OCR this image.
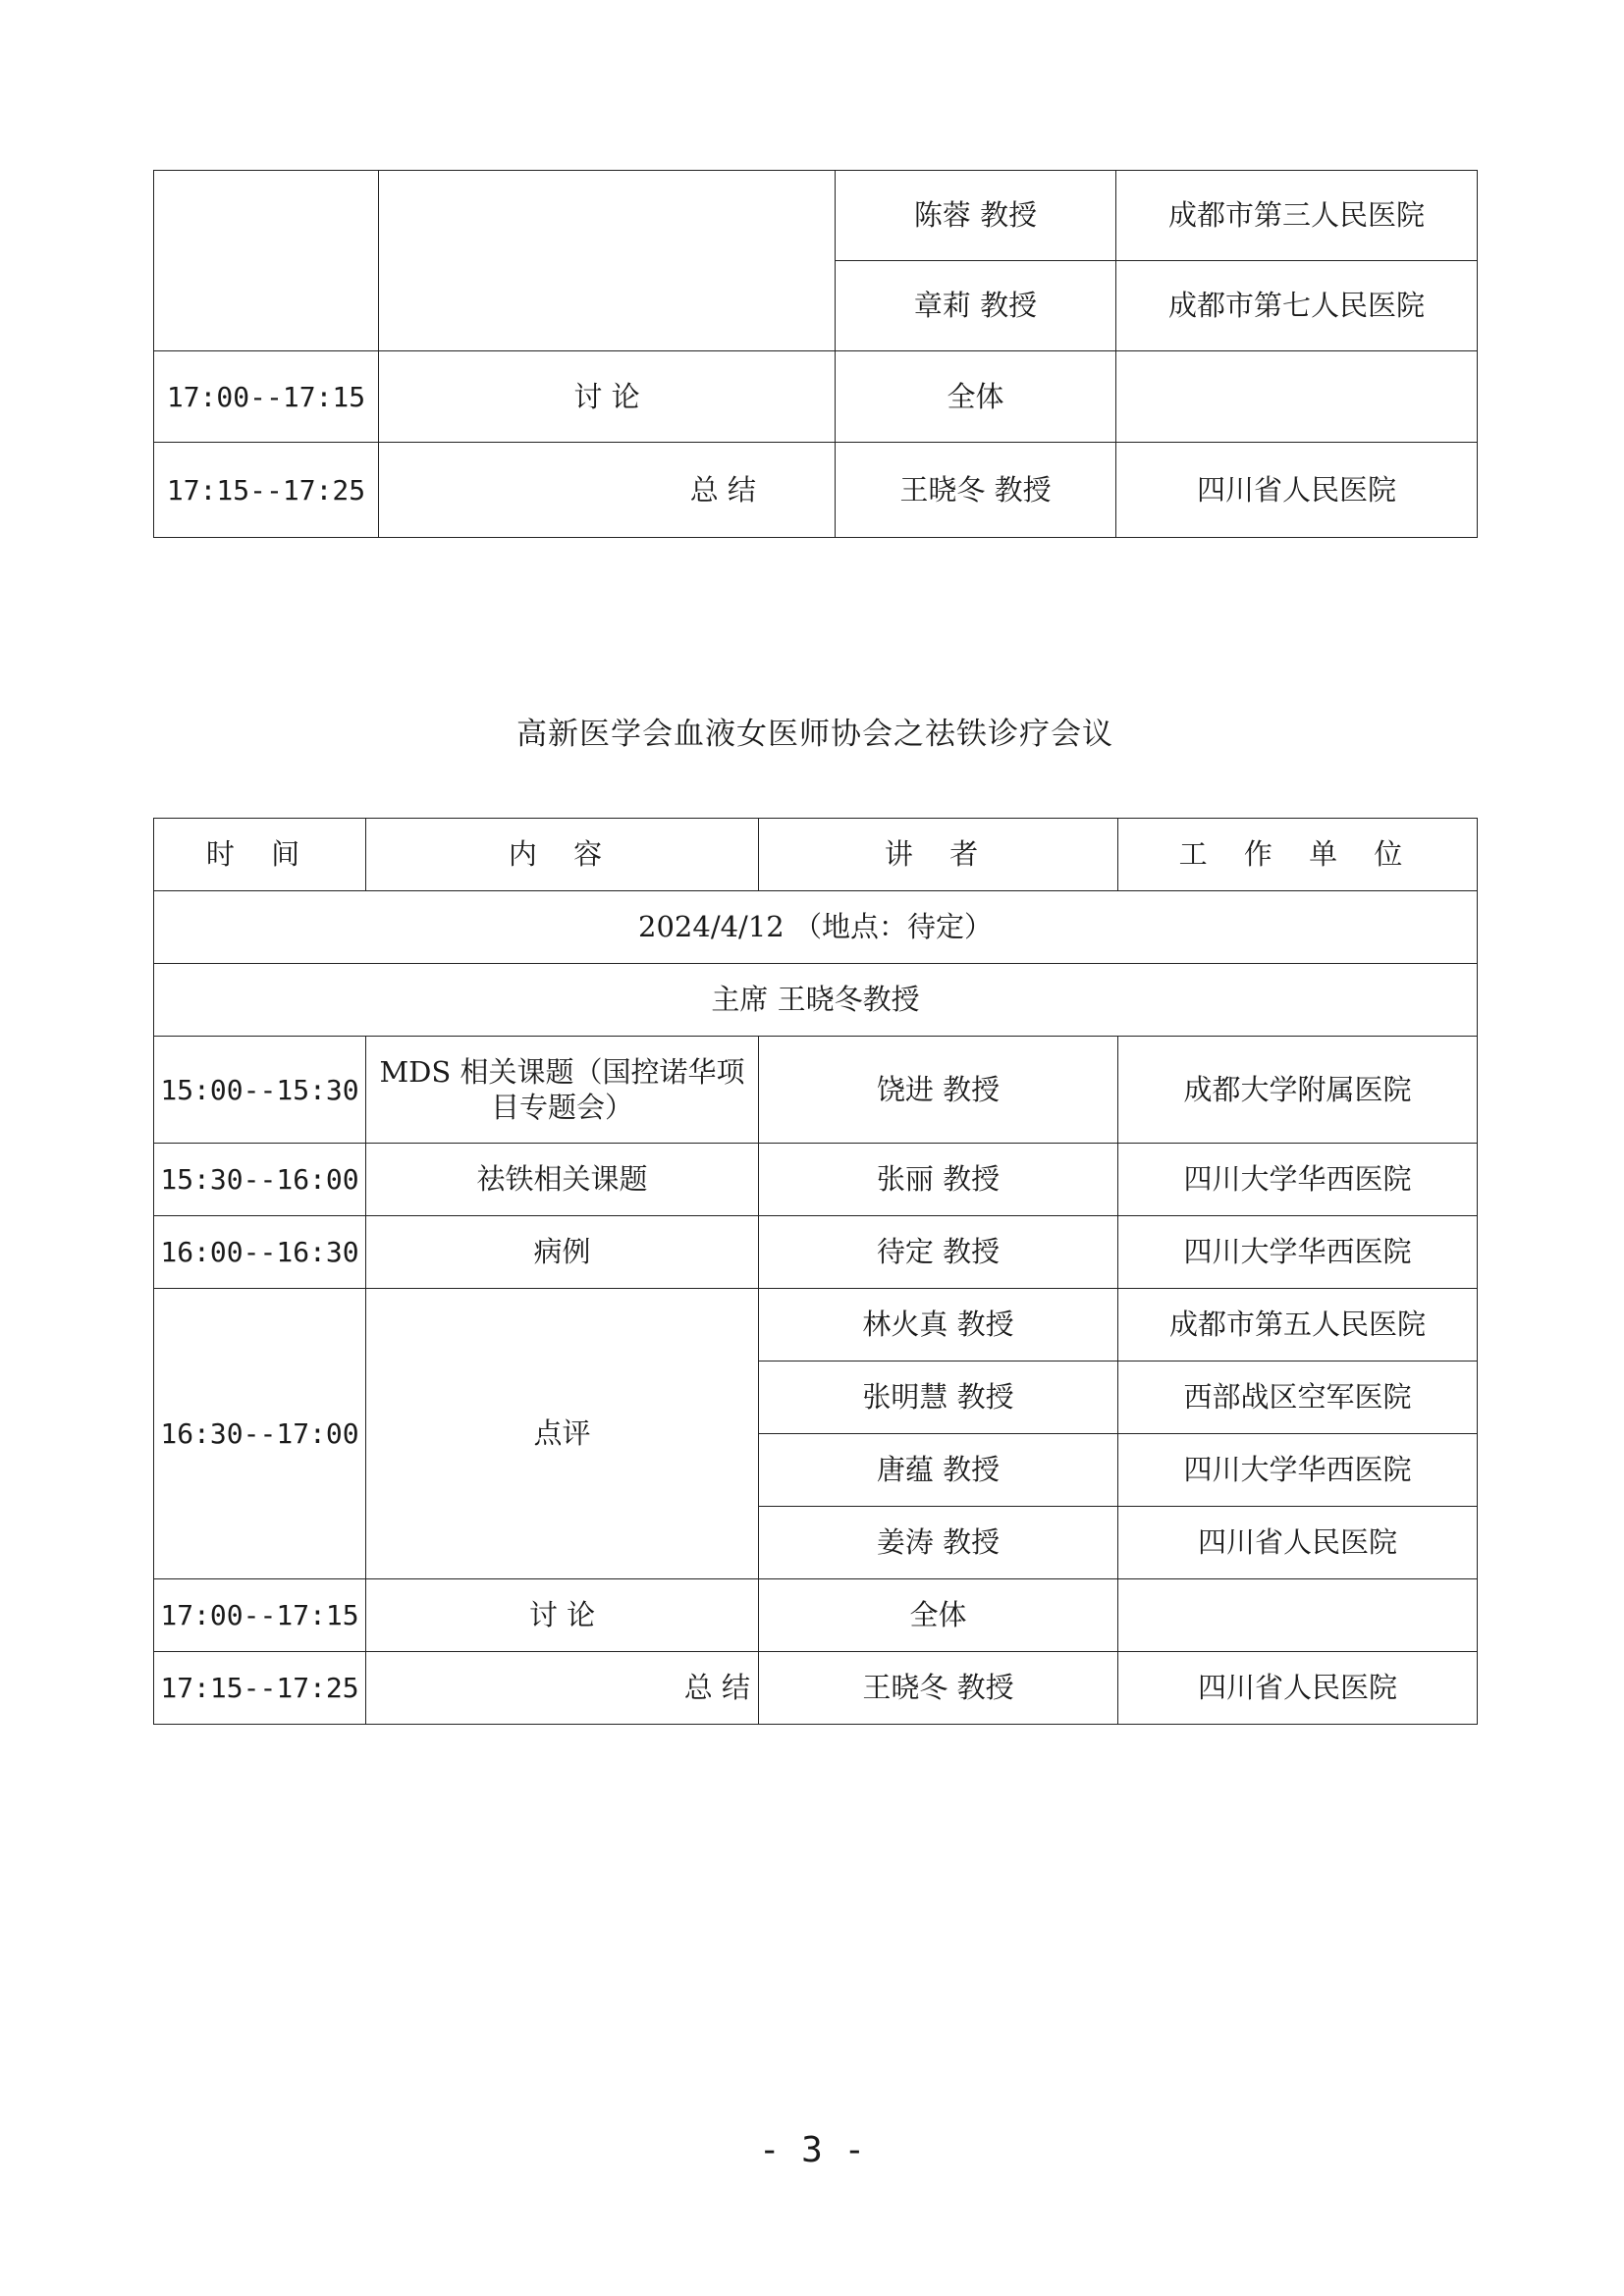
		陈蓉 教授	成都市第三人民医院
		章莉 教授	成都市第七人民医院
17:00--17:15	讨 论	全体	
17:15--17:25	总 结	王晓冬 教授	四川省人民医院
高新医学会血液女医师协会之祛铁诊疗会议
时 间	内 容	讲 者	工 作 单 位
2024/4/12 （地点：待定）			
主席 王晓冬教授			
15:00--15:30	MDS 相关课题（国控诺华项目专题会）	饶进 教授	成都大学附属医院
15:30--16:00	祛铁相关课题	张丽 教授	四川大学华西医院
16:00--16:30	病例	待定 教授	四川大学华西医院
16:30--17:00	点评	林火真 教授	成都市第五人民医院
		张明慧 教授	西部战区空军医院
		唐蕴 教授	四川大学华西医院
		姜涛 教授	四川省人民医院
17:00--17:15	讨 论	全体	
17:15--17:25	总 结	王晓冬 教授	四川省人民医院
- 3 -
